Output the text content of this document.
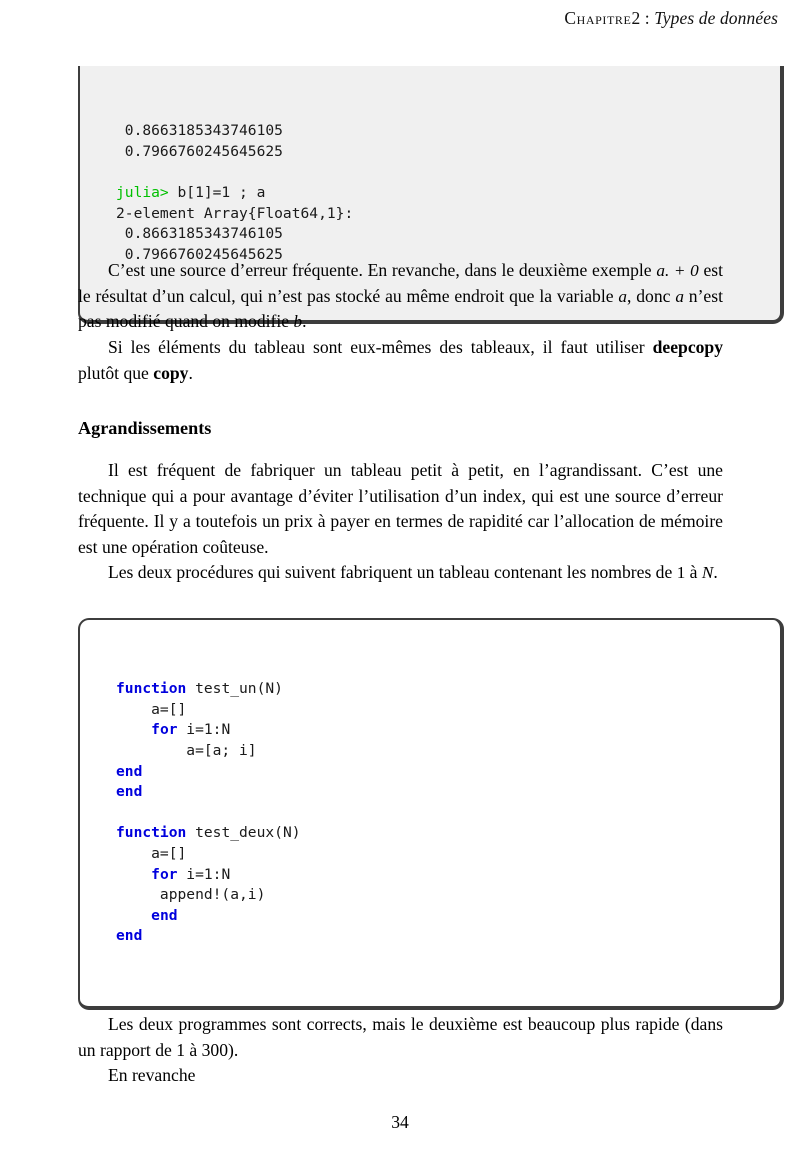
Chapitre2 : Types de données

0.8663185343746105
0.7966760245645625

julia> b[1]=1 ; a
2-element Array{Float64,1}:
0.8663185343746105
0.7966760245645625

C’est une source d’erreur fréquente. En revanche, dans le deuxième exemple a. + 0 est le résultat d’un calcul, qui n’est pas stocké au même endroit que la variable a, donc a n’est pas modifié quand on modifie b.

Si les éléments du tableau sont eux-mêmes des tableaux, il faut utiliser deepcopy plutôt que copy.

Agrandissements

Il est fréquent de fabriquer un tableau petit à petit, en l’agrandissant. C’est une technique qui a pour avantage d’éviter l’utilisation d’un index, qui est une source d’erreur fréquente. Il y a toutefois un prix à payer en termes de rapidité car l’allocation de mémoire est une opération coûteuse.

Les deux procédures qui suivent fabriquent un tableau contenant les nombres de 1 à N.

function test_un(N)
a=[]
for i=1:N
a=[a; i]
end
end

function test_deux(N)
a=[]
for i=1:N
append!(a,i)
end
end

Les deux programmes sont corrects, mais le deuxième est beaucoup plus rapide (dans un rapport de 1 à 300).

En revanche

34
